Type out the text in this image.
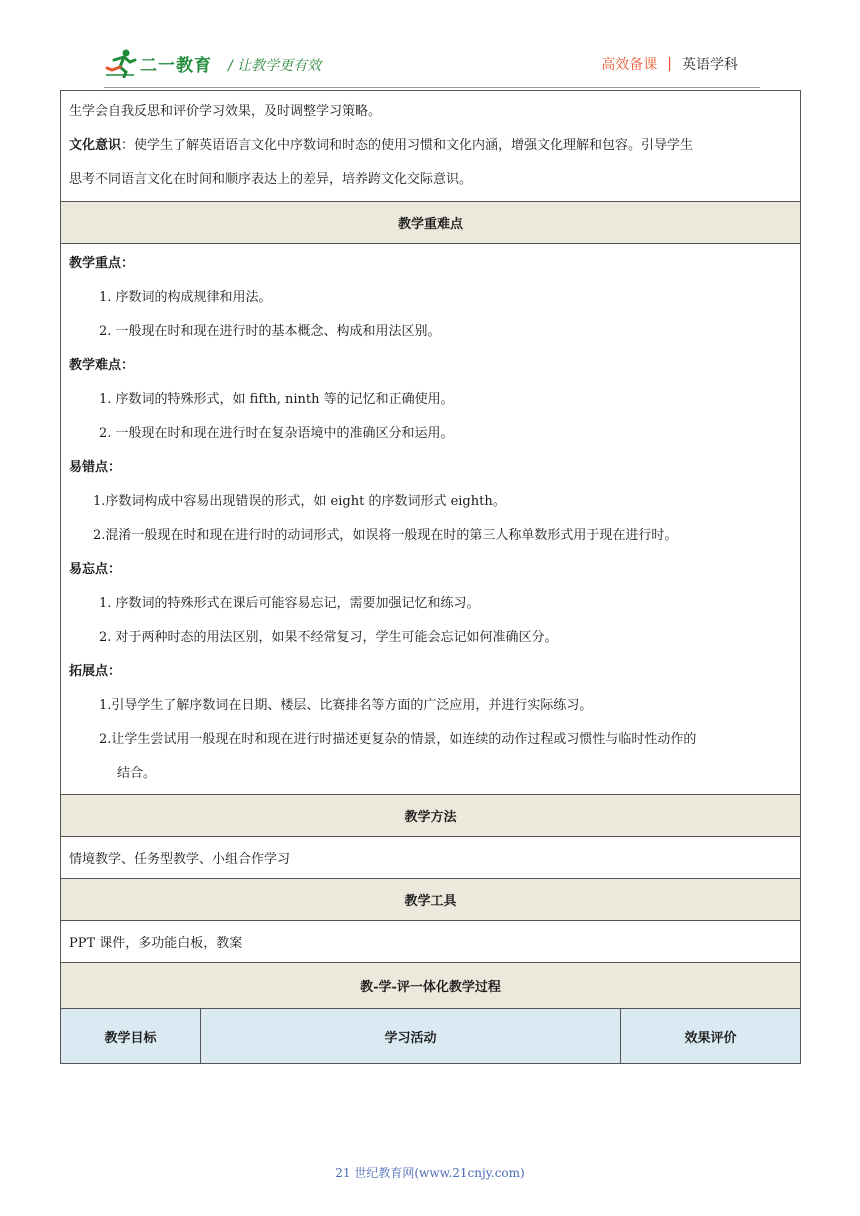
二一教育 / 让教学更有效	高效备课 | 英语学科
生学会自我反思和评价学习效果，及时调整学习策略。
文化意识：使学生了解英语语言文化中序数词和时态的使用习惯和文化内涵，增强文化理解和包容。引导学生
思考不同语言文化在时间和顺序表达上的差异，培养跨文化交际意识。

教学重难点

教学重点：
1. 序数词的构成规律和用法。
2. 一般现在时和现在进行时的基本概念、构成和用法区别。
教学难点：
1. 序数词的特殊形式，如 fifth, ninth 等的记忆和正确使用。
2. 一般现在时和现在进行时在复杂语境中的准确区分和运用。
易错点：
1.序数词构成中容易出现错误的形式，如 eight 的序数词形式 eighth。
2.混淆一般现在时和现在进行时的动词形式，如误将一般现在时的第三人称单数形式用于现在进行时。
易忘点：
1. 序数词的特殊形式在课后可能容易忘记，需要加强记忆和练习。
2. 对于两种时态的用法区别，如果不经常复习，学生可能会忘记如何准确区分。
拓展点：
1.引导学生了解序数词在日期、楼层、比赛排名等方面的广泛应用，并进行实际练习。
2.让学生尝试用一般现在时和现在进行时描述更复杂的情景，如连续的动作过程或习惯性与临时性动作的
结合。

教学方法
情境教学、任务型教学、小组合作学习
教学工具
PPT 课件，多功能白板，教案
教-学-评一体化教学过程
教学目标	学习活动	效果评价
21 世纪教育网(www.21cnjy.com)
